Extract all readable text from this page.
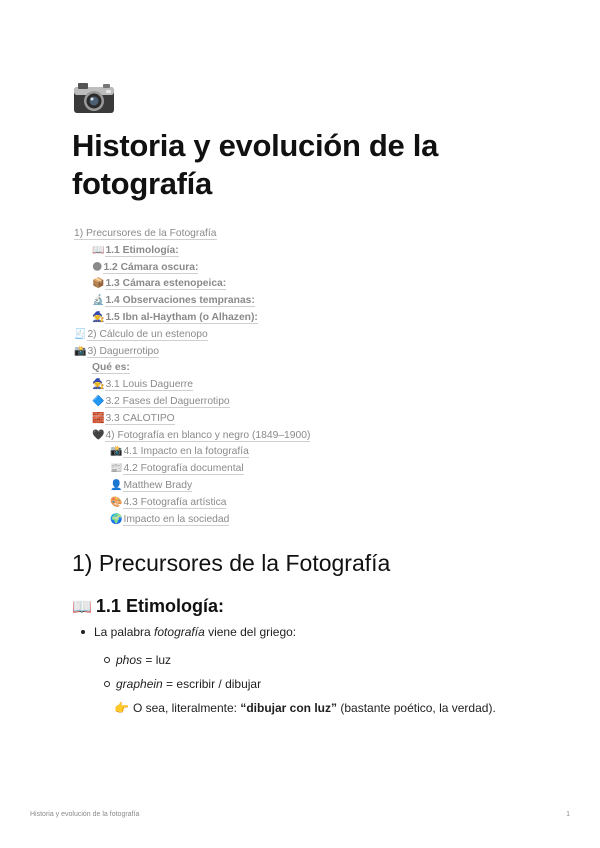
Historia y evolución de la fotografía
1) Precursores de la Fotografía
📖1.1 Etimología:
🌑1.2 Cámara oscura:
📦1.3 Cámara estenopeica:
🔬1.4 Observaciones tempranas:
🧙1.5 Ibn al-Haytham (o Alhazen):
🧾2) Cálculo de un estenopo
📸3) Daguerrotipo
Qué es:
🧙3.1 Louis Daguerre
🔷3.2 Fases del Daguerrotipo
🧱3.3 CALOTIPO
🖤4) Fotografía en blanco y negro (1849–1900)
📸4.1 Impacto en la fotografía
📰4.2 Fotografía documental
👤Matthew Brady
🎨4.3 Fotografía artística
🌍Impacto en la sociedad
1) Precursores de la Fotografía
📖 1.1 Etimología:
La palabra fotografía viene del griego:
phos = luz
graphein = escribir / dibujar
👉 O sea, literalmente: “dibujar con luz” (bastante poético, la verdad).
Historia y evolución de la fotografía	1
